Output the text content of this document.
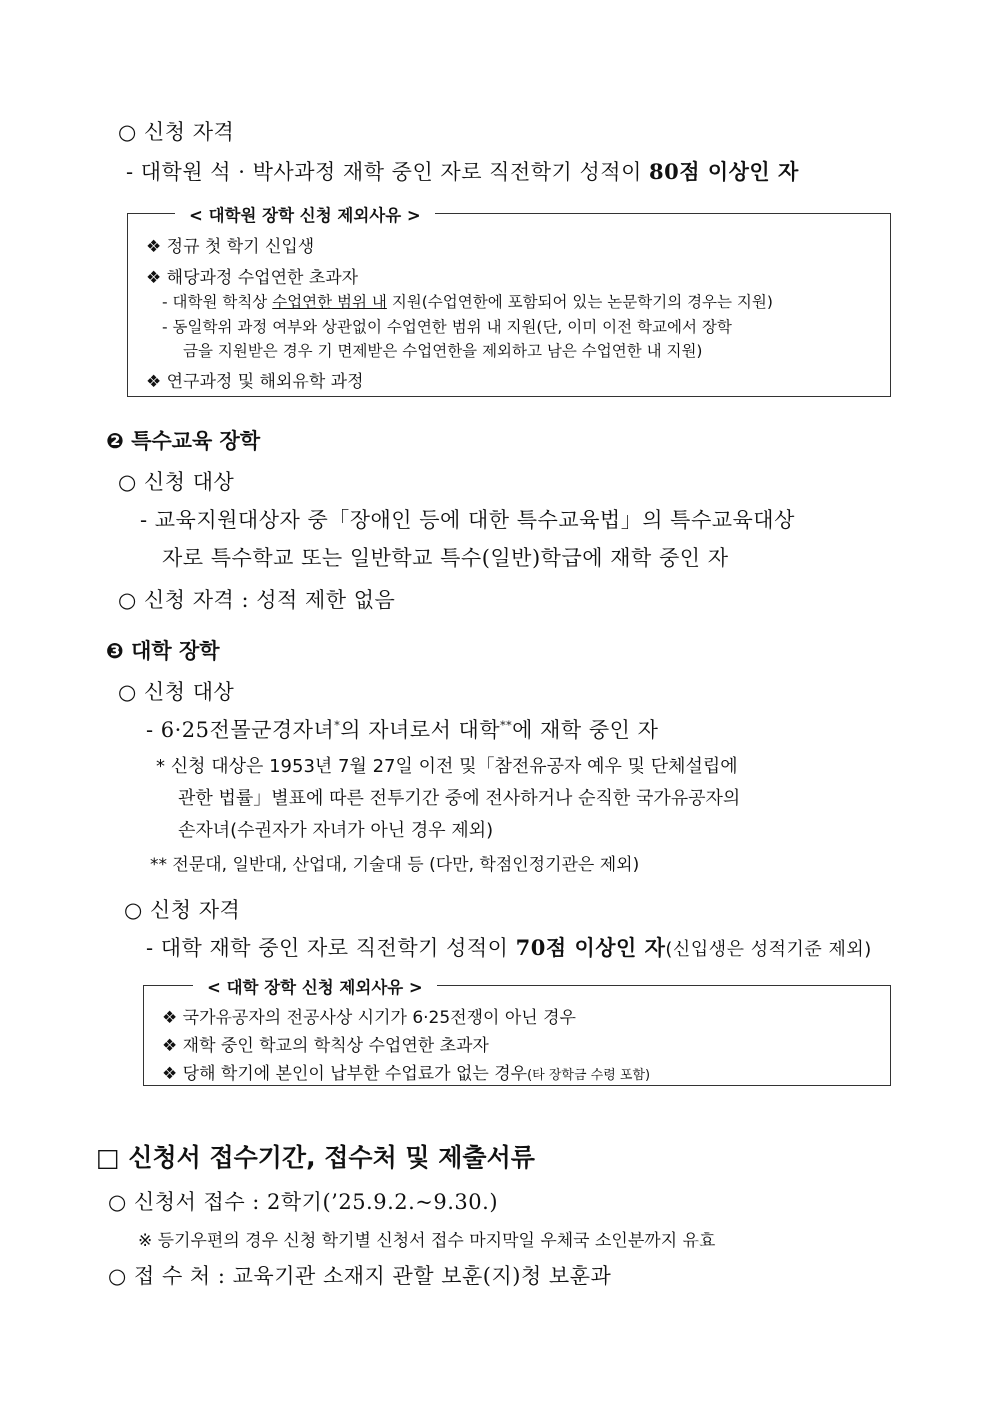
○ 신청 자격
- 대학원 석 · 박사과정 재학 중인 자로 직전학기 성적이 80점 이상인 자
< 대학원 장학 신청 제외사유 >
❖ 정규 첫 학기 신입생
❖ 해당과정 수업연한 초과자
- 대학원 학칙상 수업연한 범위 내 지원(수업연한에 포함되어 있는 논문학기의 경우는 지원)
- 동일학위 과정 여부와 상관없이 수업연한 범위 내 지원(단, 이미 이전 학교에서 장학
금을 지원받은 경우 기 면제받은 수업연한을 제외하고 남은 수업연한 내 지원)
❖ 연구과정 및 해외유학 과정
❷ 특수교육 장학
○ 신청 대상
- 교육지원대상자 중「장애인 등에 대한 특수교육법」의 특수교육대상
자로 특수학교 또는 일반학교 특수(일반)학급에 재학 중인 자
○ 신청 자격 : 성적 제한 없음
❸ 대학 장학
○ 신청 대상
- 6·25전몰군경자녀*의 자녀로서 대학**에 재학 중인 자
* 신청 대상은 1953년 7월 27일 이전 및「참전유공자 예우 및 단체설립에
관한 법률」별표에 따른 전투기간 중에 전사하거나 순직한 국가유공자의
손자녀(수권자가 자녀가 아닌 경우 제외)
** 전문대, 일반대, 산업대, 기술대 등 (다만, 학점인정기관은 제외)
○ 신청 자격
- 대학 재학 중인 자로 직전학기 성적이 70점 이상인 자(신입생은 성적기준 제외)
< 대학 장학 신청 제외사유 >
❖ 국가유공자의 전공사상 시기가 6·25전쟁이 아닌 경우
❖ 재학 중인 학교의 학칙상 수업연한 초과자
❖ 당해 학기에 본인이 납부한 수업료가 없는 경우(타 장학금 수령 포함)
□ 신청서 접수기간, 접수처 및 제출서류
○ 신청서 접수 : 2학기(’25.9.2.~9.30.)
※ 등기우편의 경우 신청 학기별 신청서 접수 마지막일 우체국 소인분까지 유효
○ 접 수 처 : 교육기관 소재지 관할 보훈(지)청 보훈과
